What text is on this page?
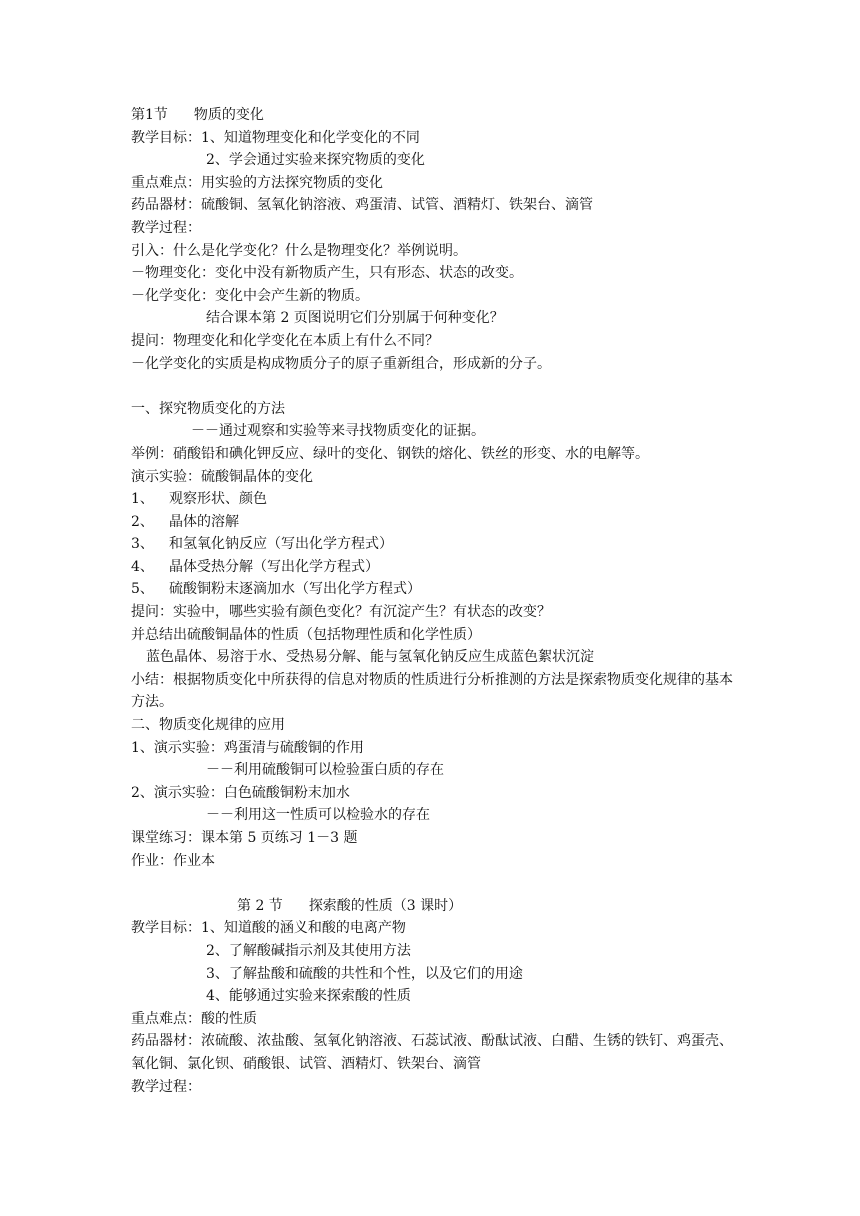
第1节 物质的变化
教学目标：1、知道物理变化和化学变化的不同
2、学会通过实验来探究物质的变化
重点难点：用实验的方法探究物质的变化
药品器材：硫酸铜、氢氧化钠溶液、鸡蛋清、试管、酒精灯、铁架台、滴管
教学过程：
引入：什么是化学变化？什么是物理变化？举例说明。
－物理变化：变化中没有新物质产生，只有形态、状态的改变。
－化学变化：变化中会产生新的物质。
结合课本第 2 页图说明它们分别属于何种变化？
提问：物理变化和化学变化在本质上有什么不同？
－化学变化的实质是构成物质分子的原子重新组合，形成新的分子。
一、探究物质变化的方法
－－通过观察和实验等来寻找物质变化的证据。
举例：硝酸铅和碘化钾反应、绿叶的变化、钢铁的熔化、铁丝的形变、水的电解等。
演示实验：硫酸铜晶体的变化
1、 观察形状、颜色
2、 晶体的溶解
3、 和氢氧化钠反应（写出化学方程式）
4、 晶体受热分解（写出化学方程式）
5、 硫酸铜粉末逐滴加水（写出化学方程式）
提问：实验中，哪些实验有颜色变化？有沉淀产生？有状态的改变？
并总结出硫酸铜晶体的性质（包括物理性质和化学性质）
蓝色晶体、易溶于水、受热易分解、能与氢氧化钠反应生成蓝色絮状沉淀
小结：根据物质变化中所获得的信息对物质的性质进行分析推测的方法是探索物质变化规律的基本方法。
二、物质变化规律的应用
1、演示实验：鸡蛋清与硫酸铜的作用
－－利用硫酸铜可以检验蛋白质的存在
2、演示实验：白色硫酸铜粉末加水
－－利用这一性质可以检验水的存在
课堂练习：课本第 5 页练习 1－3 题
作业：作业本
第 2 节 探索酸的性质（3 课时）
教学目标：1、知道酸的涵义和酸的电离产物
2、了解酸碱指示剂及其使用方法
3、了解盐酸和硫酸的共性和个性，以及它们的用途
4、能够通过实验来探索酸的性质
重点难点：酸的性质
药品器材：浓硫酸、浓盐酸、氢氧化钠溶液、石蕊试液、酚酞试液、白醋、生锈的铁钉、鸡蛋壳、氧化铜、氯化钡、硝酸银、试管、酒精灯、铁架台、滴管
教学过程：
